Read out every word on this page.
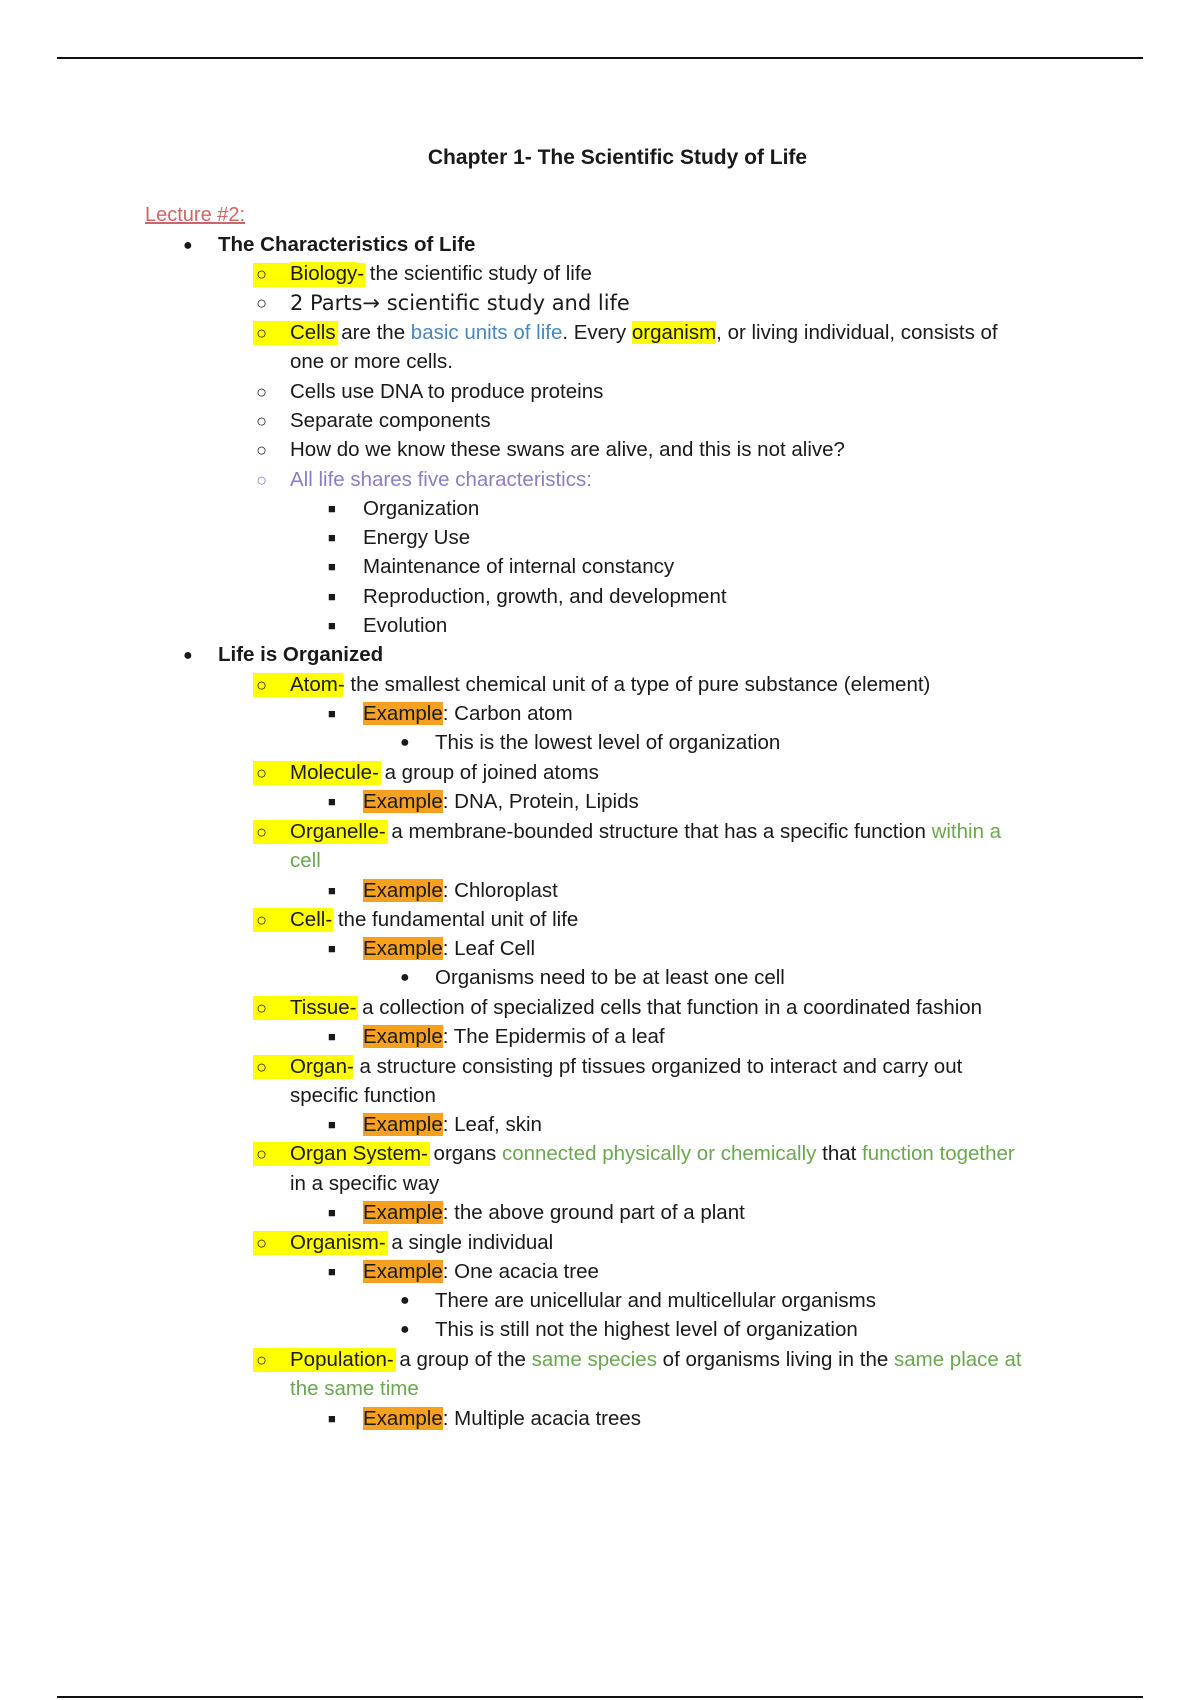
Chapter 1- The Scientific Study of Life
Lecture #2:
● The Characteristics of Life
○	Biology- the scientific study of life
○	2 Parts→ scientific study and life
○	Cells are the basic units of life. Every organism, or living individual, consists of
one or more cells.
○	Cells use DNA to produce proteins
○	Separate components
○	How do we know these swans are alive, and this is not alive?
○	All life shares five characteristics:
■ Organization
■ Energy Use
■ Maintenance of internal constancy
■ Reproduction, growth, and development
■ Evolution
● Life is Organized
○	Atom- the smallest chemical unit of a type of pure substance (element)
■ Example: Carbon atom
● This is the lowest level of organization
○	Molecule- a group of joined atoms
■ Example: DNA, Protein, Lipids
○	Organelle- a membrane-bounded structure that has a specific function within a
cell
■ Example: Chloroplast
○	Cell- the fundamental unit of life
■ Example: Leaf Cell
● Organisms need to be at least one cell
○	Tissue- a collection of specialized cells that function in a coordinated fashion
■ Example: The Epidermis of a leaf
○	Organ- a structure consisting pf tissues organized to interact and carry out
specific function
■ Example: Leaf, skin
○	Organ System- organs connected physically or chemically that function together
in a specific way
■ Example: the above ground part of a plant
○	Organism- a single individual
■ Example: One acacia tree
● There are unicellular and multicellular organisms
● This is still not the highest level of organization
○	Population- a group of the same species of organisms living in the same place at
the same time
■ Example: Multiple acacia trees
